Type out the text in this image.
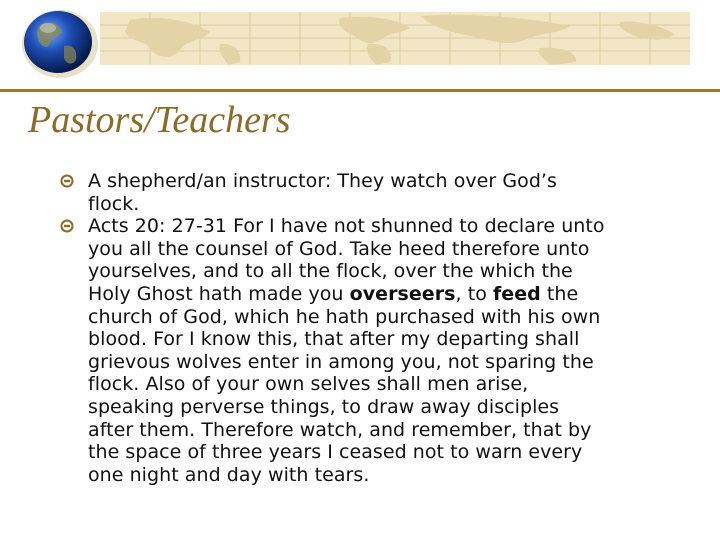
Pastors/Teachers
A shepherd/an instructor: They watch over God’s
flock.
Acts 20: 27-31 For I have not shunned to declare unto
you all the counsel of God. Take heed therefore unto
yourselves, and to all the flock, over the which the
Holy Ghost hath made you overseers, to feed the
church of God, which he hath purchased with his own
blood. For I know this, that after my departing shall
grievous wolves enter in among you, not sparing the
flock. Also of your own selves shall men arise,
speaking perverse things, to draw away disciples
after them. Therefore watch, and remember, that by
the space of three years I ceased not to warn every
one night and day with tears.
